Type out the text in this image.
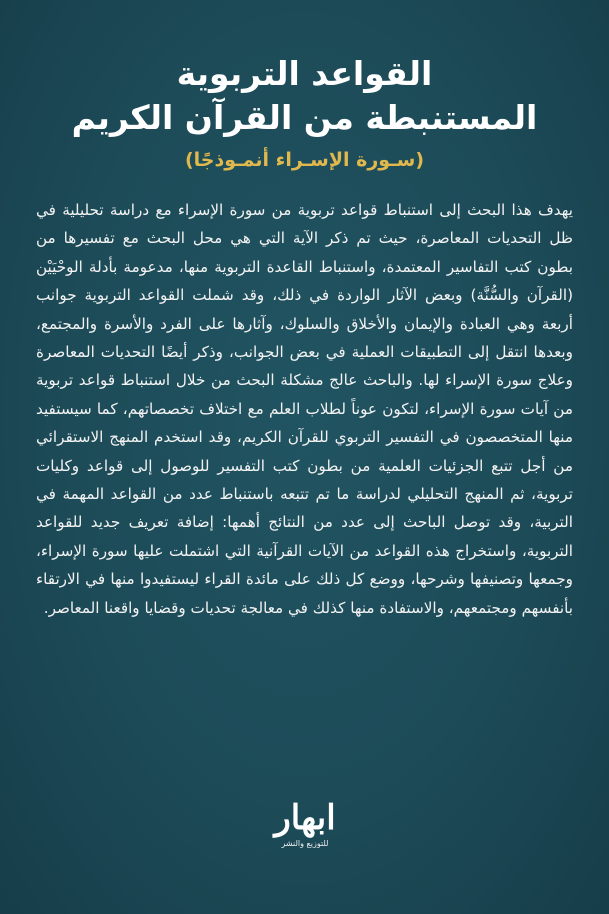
القواعد التربوية
المستنبطة من القرآن الكريم
(سـورة الإسـراء أنمـوذجًا)

يهدف هذا البحث إلى استنباط قواعد تربوية من سورة الإسراء مع دراسة تحليلية في ظل التحديات المعاصرة، حيث تم ذكر الآية التي هي محل البحث مع تفسيرها من بطون كتب التفاسير المعتمدة، واستنباط القاعدة التربوية منها، مدعومة بأدلة الوحْيَيْن (القرآن والسُّنَّة) وبعض الآثار الواردة في ذلك، وقد شملت القواعد التربوية جوانب أربعة وهي العبادة والإيمان والأخلاق والسلوك، وآثارها على الفرد والأسرة والمجتمع، وبعدها انتقل إلى التطبيقات العملية في بعض الجوانب، وذكر أيضًا التحديات المعاصرة وعلاج سورة الإسراء لها. والباحث عالج مشكلة البحث من خلال استنباط قواعد تربوية من آيات سورة الإسراء، لتكون عوناً لطلاب العلم مع اختلاف تخصصاتهم، كما سيستفيد منها المتخصصون في التفسير التربوي للقرآن الكريم، وقد استخدم المنهج الاستقرائي من أجل تتبع الجزئيات العلمية من بطون كتب التفسير للوصول إلى قواعد وكليات تربوية، ثم المنهج التحليلي لدراسة ما تم تتبعه باستنباط عدد من القواعد المهمة في التربية، وقد توصل الباحث إلى عدد من النتائج أهمها: إضافة تعريف جديد للقواعد التربوية، واستخراج هذه القواعد من الآيات القرآنية التي اشتملت عليها سورة الإسراء، وجمعها وتصنيفها وشرحها، ووضع كل ذلك على مائدة القراء ليستفيدوا منها في الارتقاء بأنفسهم ومجتمعهم، والاستفادة منها كذلك في معالجة تحديات وقضايا واقعنا المعاصر.

ابهار
للتوزيع والنشر
